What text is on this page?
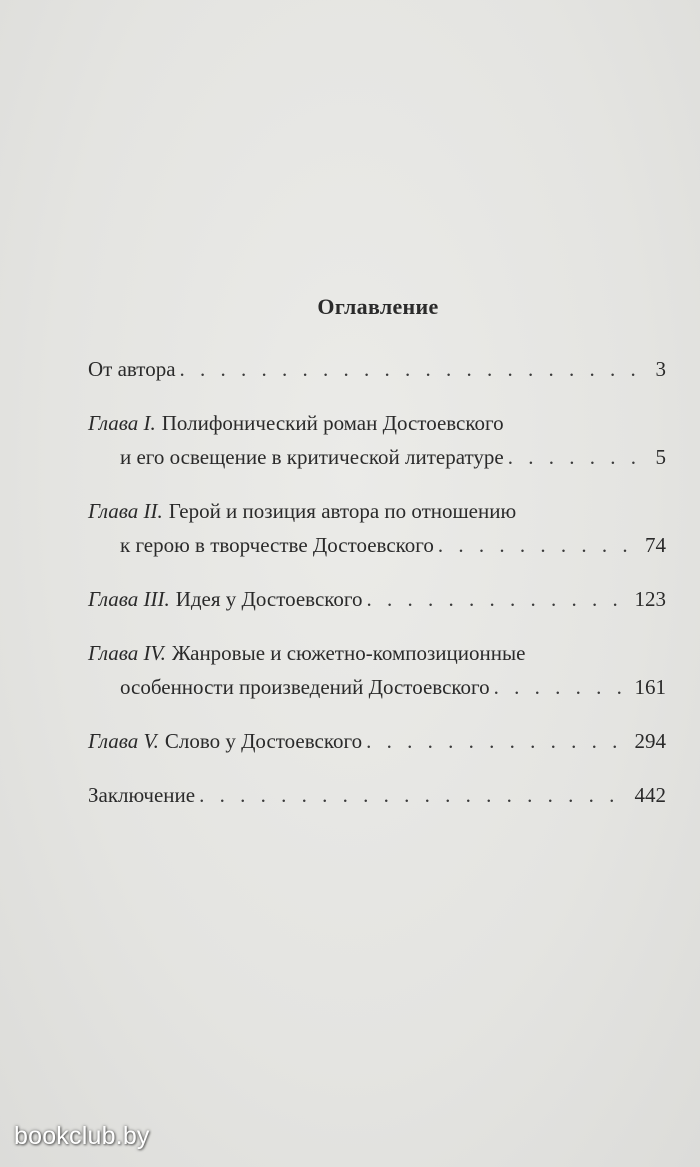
Оглавление
От автора . . .	3
Глава I. Полифонический роман Достоевского
и его освещение в критической литературе . . .	5
Глава II. Герой и позиция автора по отношению
к герою в творчестве Достоевского . . .	74
Глава III. Идея у Достоевского . . .	123
Глава IV. Жанровые и сюжетно-композиционные
особенности произведений Достоевского . . .	161
Глава V. Слово у Достоевского . . .	294
Заключение . . .	442
bookclub.by
